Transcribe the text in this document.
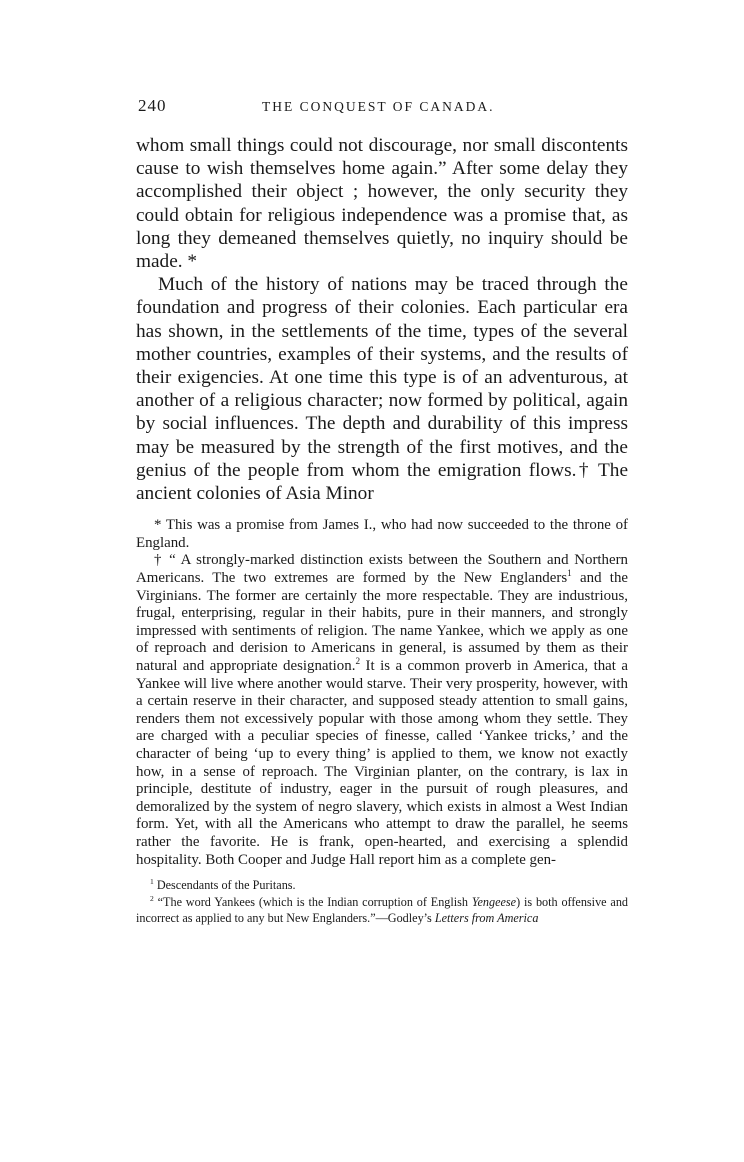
240	THE CONQUEST OF CANADA.

whom small things could not discourage, nor small discontents cause to wish themselves home again.” After some delay they accomplished their object ; however, the only security they could obtain for religious independence was a promise that, as long they demeaned themselves quietly, no inquiry should be made. *

Much of the history of nations may be traced through the foundation and progress of their colonies. Each particular era has shown, in the settlements of the time, types of the several mother countries, examples of their systems, and the results of their exigencies. At one time this type is of an adventurous, at another of a religious character; now formed by political, again by social influences. The depth and durability of this impress may be measured by the strength of the first motives, and the genius of the people from whom the emigration flows.† The ancient colonies of Asia Minor

* This was a promise from James I., who had now succeeded to the throne of England.

† “ A strongly-marked distinction exists between the Southern and Northern Americans. The two extremes are formed by the New Englanders$^1$ and the Virginians. The former are certainly the more respectable. They are industrious, frugal, enterprising, regular in their habits, pure in their manners, and strongly impressed with sentiments of religion. The name Yankee, which we apply as one of reproach and derision to Americans in general, is assumed by them as their natural and appropriate designation.$^2$ It is a common proverb in America, that a Yankee will live where another would starve. Their very prosperity, however, with a certain reserve in their character, and supposed steady attention to small gains, renders them not excessively popular with those among whom they settle. They are charged with a peculiar species of finesse, called ‘Yankee tricks,’ and the character of being ‘up to every thing’ is applied to them, we know not exactly how, in a sense of reproach. The Virginian planter, on the contrary, is lax in principle, destitute of industry, eager in the pursuit of rough pleasures, and demoralized by the system of negro slavery, which exists in almost a West Indian form. Yet, with all the Americans who attempt to draw the parallel, he seems rather the favorite. He is frank, open-hearted, and exercising a splendid hospitality. Both Cooper and Judge Hall report him as a complete gen-

$^1$ Descendants of the Puritans.

$^2$ “The word Yankees (which is the Indian corruption of English Yengeese) is both offensive and incorrect as applied to any but New Englanders.”—Godley’s Letters from America
